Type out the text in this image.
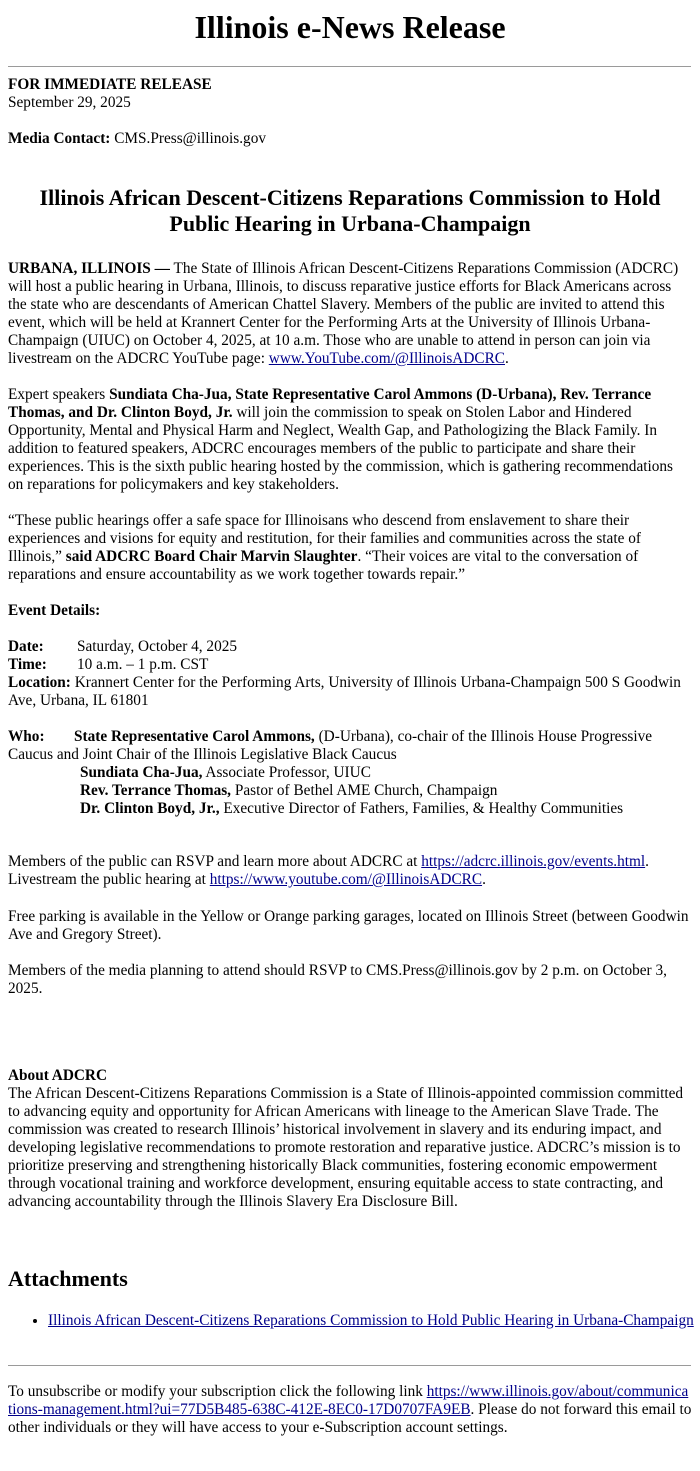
Illinois e-News Release

FOR IMMEDIATE RELEASE

September 29, 2025

Media Contact: CMS.Press@illinois.gov

Illinois African Descent-Citizens Reparations Commission to Hold Public Hearing in Urbana-Champaign

URBANA, ILLINOIS — The State of Illinois African Descent-Citizens Reparations Commission (ADCRC) will host a public hearing in Urbana, Illinois, to discuss reparative justice efforts for Black Americans across the state who are descendants of American Chattel Slavery. Members of the public are invited to attend this event, which will be held at Krannert Center for the Performing Arts at the University of Illinois Urbana-Champaign (UIUC) on October 4, 2025, at 10 a.m. Those who are unable to attend in person can join via livestream on the ADCRC YouTube page: www.YouTube.com/@IllinoisADCRC.

Expert speakers Sundiata Cha-Jua, State Representative Carol Ammons (D-Urbana), Rev. Terrance Thomas, and Dr. Clinton Boyd, Jr. will join the commission to speak on Stolen Labor and Hindered Opportunity, Mental and Physical Harm and Neglect, Wealth Gap, and Pathologizing the Black Family. In addition to featured speakers, ADCRC encourages members of the public to participate and share their experiences. This is the sixth public hearing hosted by the commission, which is gathering recommendations on reparations for policymakers and key stakeholders.

“These public hearings offer a safe space for Illinoisans who descend from enslavement to share their experiences and visions for equity and restitution, for their families and communities across the state of Illinois,” said ADCRC Board Chair Marvin Slaughter. “Their voices are vital to the conversation of reparations and ensure accountability as we work together towards repair.”

Event Details:

Date: Saturday, October 4, 2025

Time: 10 a.m. – 1 p.m. CST

Location: Krannert Center for the Performing Arts, University of Illinois Urbana-Champaign 500 S Goodwin Ave, Urbana, IL 61801

Who: State Representative Carol Ammons, (D-Urbana), co-chair of the Illinois House Progressive Caucus and Joint Chair of the Illinois Legislative Black Caucus

Sundiata Cha-Jua, Associate Professor, UIUC

Rev. Terrance Thomas, Pastor of Bethel AME Church, Champaign

Dr. Clinton Boyd, Jr., Executive Director of Fathers, Families, & Healthy Communities

Members of the public can RSVP and learn more about ADCRC at https://adcrc.illinois.gov/events.html. Livestream the public hearing at https://www.youtube.com/@IllinoisADCRC.

Free parking is available in the Yellow or Orange parking garages, located on Illinois Street (between Goodwin Ave and Gregory Street).
Members of the media planning to attend should RSVP to CMS.Press@illinois.gov by 2 p.m. on October 3, 2025.

About ADCRC

The African Descent-Citizens Reparations Commission is a State of Illinois-appointed commission committed to advancing equity and opportunity for African Americans with lineage to the American Slave Trade. The commission was created to research Illinois’ historical involvement in slavery and its enduring impact, and developing legislative recommendations to promote restoration and reparative justice. ADCRC’s mission is to prioritize preserving and strengthening historically Black communities, fostering economic empowerment through vocational training and workforce development, ensuring equitable access to state contracting, and advancing accountability through the Illinois Slavery Era Disclosure Bill.

Attachments
• Illinois African Descent-Citizens Reparations Commission to Hold Public Hearing in Urbana-Champaign

To unsubscribe or modify your subscription click the following link https://www.illinois.gov/about/communications-management.html?ui=77D5B485-638C-412E-8EC0-17D0707FA9EB. Please do not forward this email to other individuals or they will have access to your e-Subscription account settings.
